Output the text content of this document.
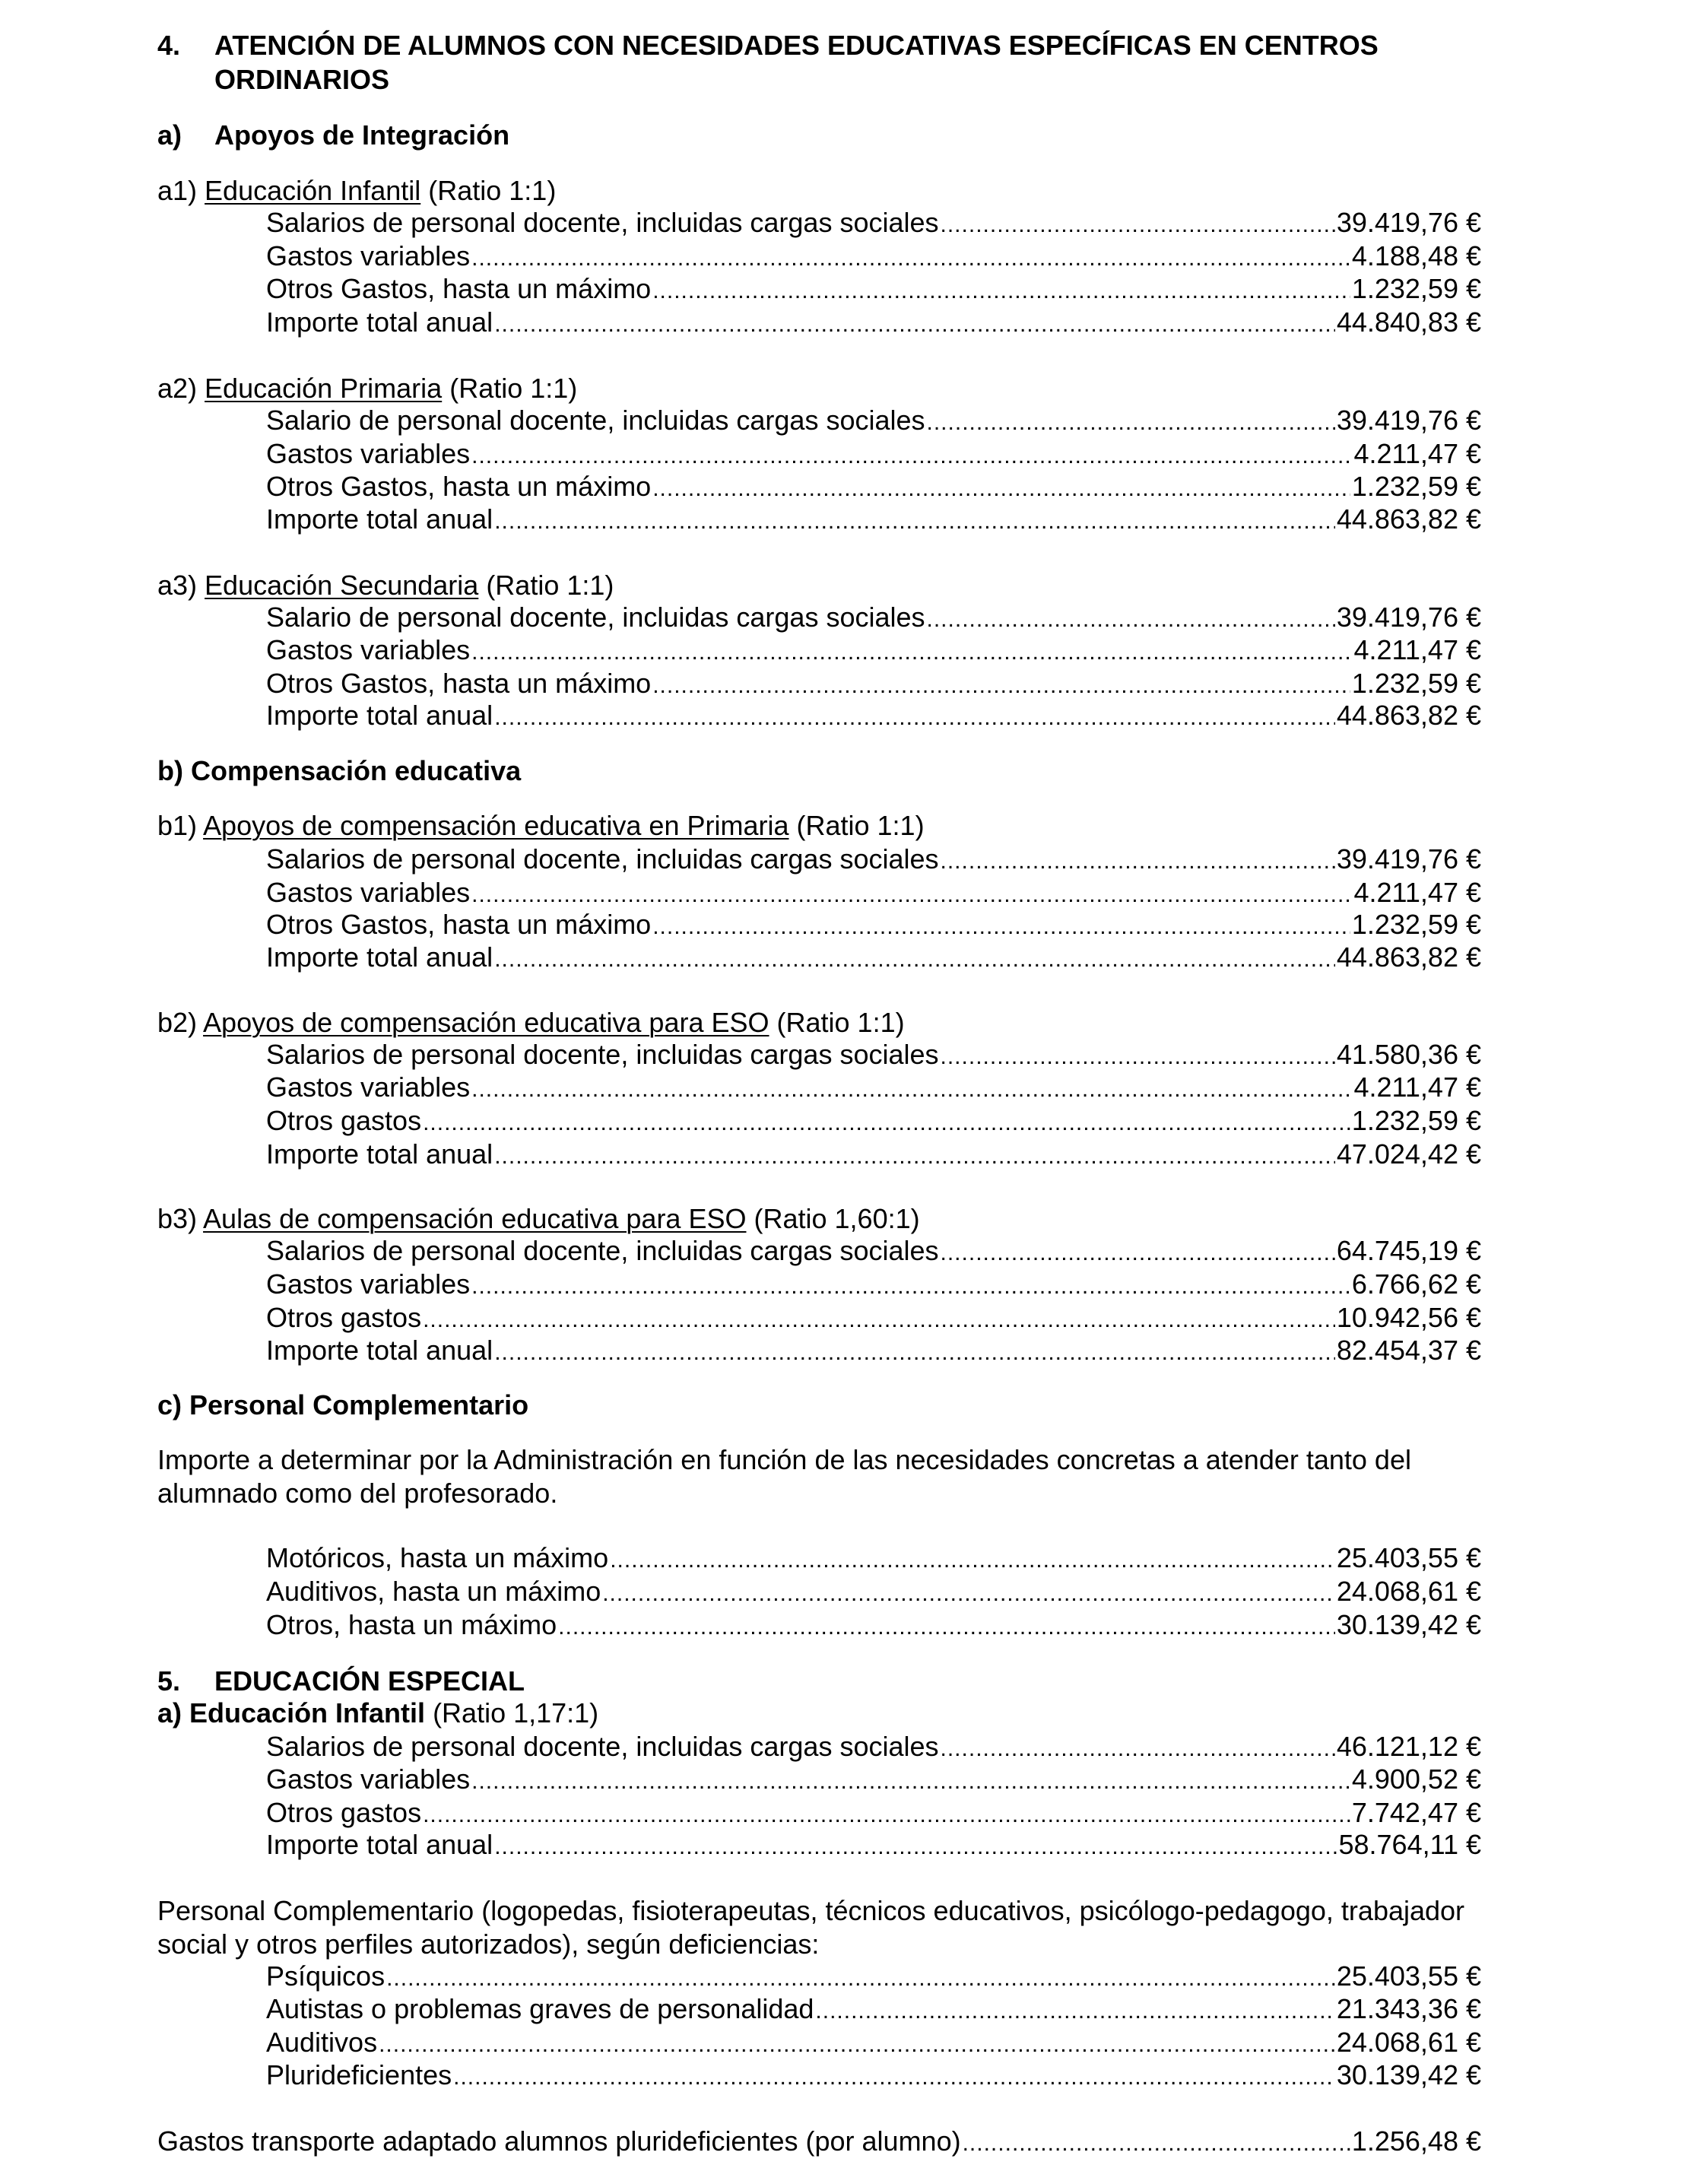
4. ATENCIÓN DE ALUMNOS CON NECESIDADES EDUCATIVAS ESPECÍFICAS EN CENTROS
ORDINARIOS
a) Apoyos de Integración
a1) Educación Infantil (Ratio 1:1)
Salarios de personal docente, incluidas cargas sociales .....	39.419,76 €
Gastos variables .....	4.188,48 €
Otros Gastos, hasta un máximo .....	1.232,59 €
Importe total anual .....	44.840,83 €
a2) Educación Primaria (Ratio 1:1)
Salario de personal docente, incluidas cargas sociales .....	39.419,76 €
Gastos variables .....	4.211,47 €
Otros Gastos, hasta un máximo .....	1.232,59 €
Importe total anual .....	44.863,82 €
a3) Educación Secundaria (Ratio 1:1)
Salario de personal docente, incluidas cargas sociales .....	39.419,76 €
Gastos variables .....	4.211,47 €
Otros Gastos, hasta un máximo .....	1.232,59 €
Importe total anual .....	44.863,82 €
b) Compensación educativa
b1) Apoyos de compensación educativa en Primaria (Ratio 1:1)
Salarios de personal docente, incluidas cargas sociales .....	39.419,76 €
Gastos variables .....	4.211,47 €
Otros Gastos, hasta un máximo .....	1.232,59 €
Importe total anual .....	44.863,82 €
b2) Apoyos de compensación educativa para ESO (Ratio 1:1)
Salarios de personal docente, incluidas cargas sociales .....	41.580,36 €
Gastos variables .....	4.211,47 €
Otros gastos .....	1.232,59 €
Importe total anual .....	47.024,42 €
b3) Aulas de compensación educativa para ESO (Ratio 1,60:1)
Salarios de personal docente, incluidas cargas sociales .....	64.745,19 €
Gastos variables .....	6.766,62 €
Otros gastos .....	10.942,56 €
Importe total anual .....	82.454,37 €
c) Personal Complementario
Importe a determinar por la Administración en función de las necesidades concretas a atender tanto del
alumnado como del profesorado.
Motóricos, hasta un máximo .....	25.403,55 €
Auditivos, hasta un máximo .....	24.068,61 €
Otros, hasta un máximo .....	30.139,42 €
5. EDUCACIÓN ESPECIAL
a) Educación Infantil (Ratio 1,17:1)
Salarios de personal docente, incluidas cargas sociales .....	46.121,12 €
Gastos variables .....	4.900,52 €
Otros gastos .....	7.742,47 €
Importe total anual .....	58.764,11 €
Personal Complementario (logopedas, fisioterapeutas, técnicos educativos, psicólogo-pedagogo, trabajador
social y otros perfiles autorizados), según deficiencias:
Psíquicos .....	25.403,55 €
Autistas o problemas graves de personalidad .....	21.343,36 €
Auditivos .....	24.068,61 €
Plurideficientes .....	30.139,42 €
Gastos transporte adaptado alumnos plurideficientes (por alumno) .....	1.256,48 €
